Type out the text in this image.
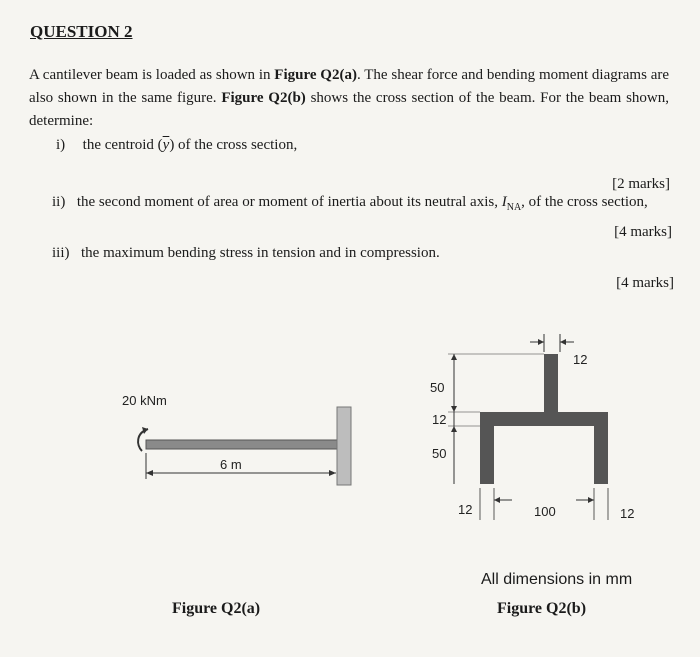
QUESTION 2
A cantilever beam is loaded as shown in Figure Q2(a). The shear force and bending moment diagrams are also shown in the same figure. Figure Q2(b) shows the cross section of the beam. For the beam shown, determine:
i) the centroid $(\overline{y})$ of the cross section,
[2 marks]
ii) the second moment of area or moment of inertia about its neutral axis, $I_{NA}$, of the cross section,
[4 marks]
iii) the maximum bending stress in tension and in compression.
[4 marks]
20 kNm
6 m
Figure Q2(a)
12
50
12
50
12	100	12
All dimensions in mm
Figure Q2(b)
